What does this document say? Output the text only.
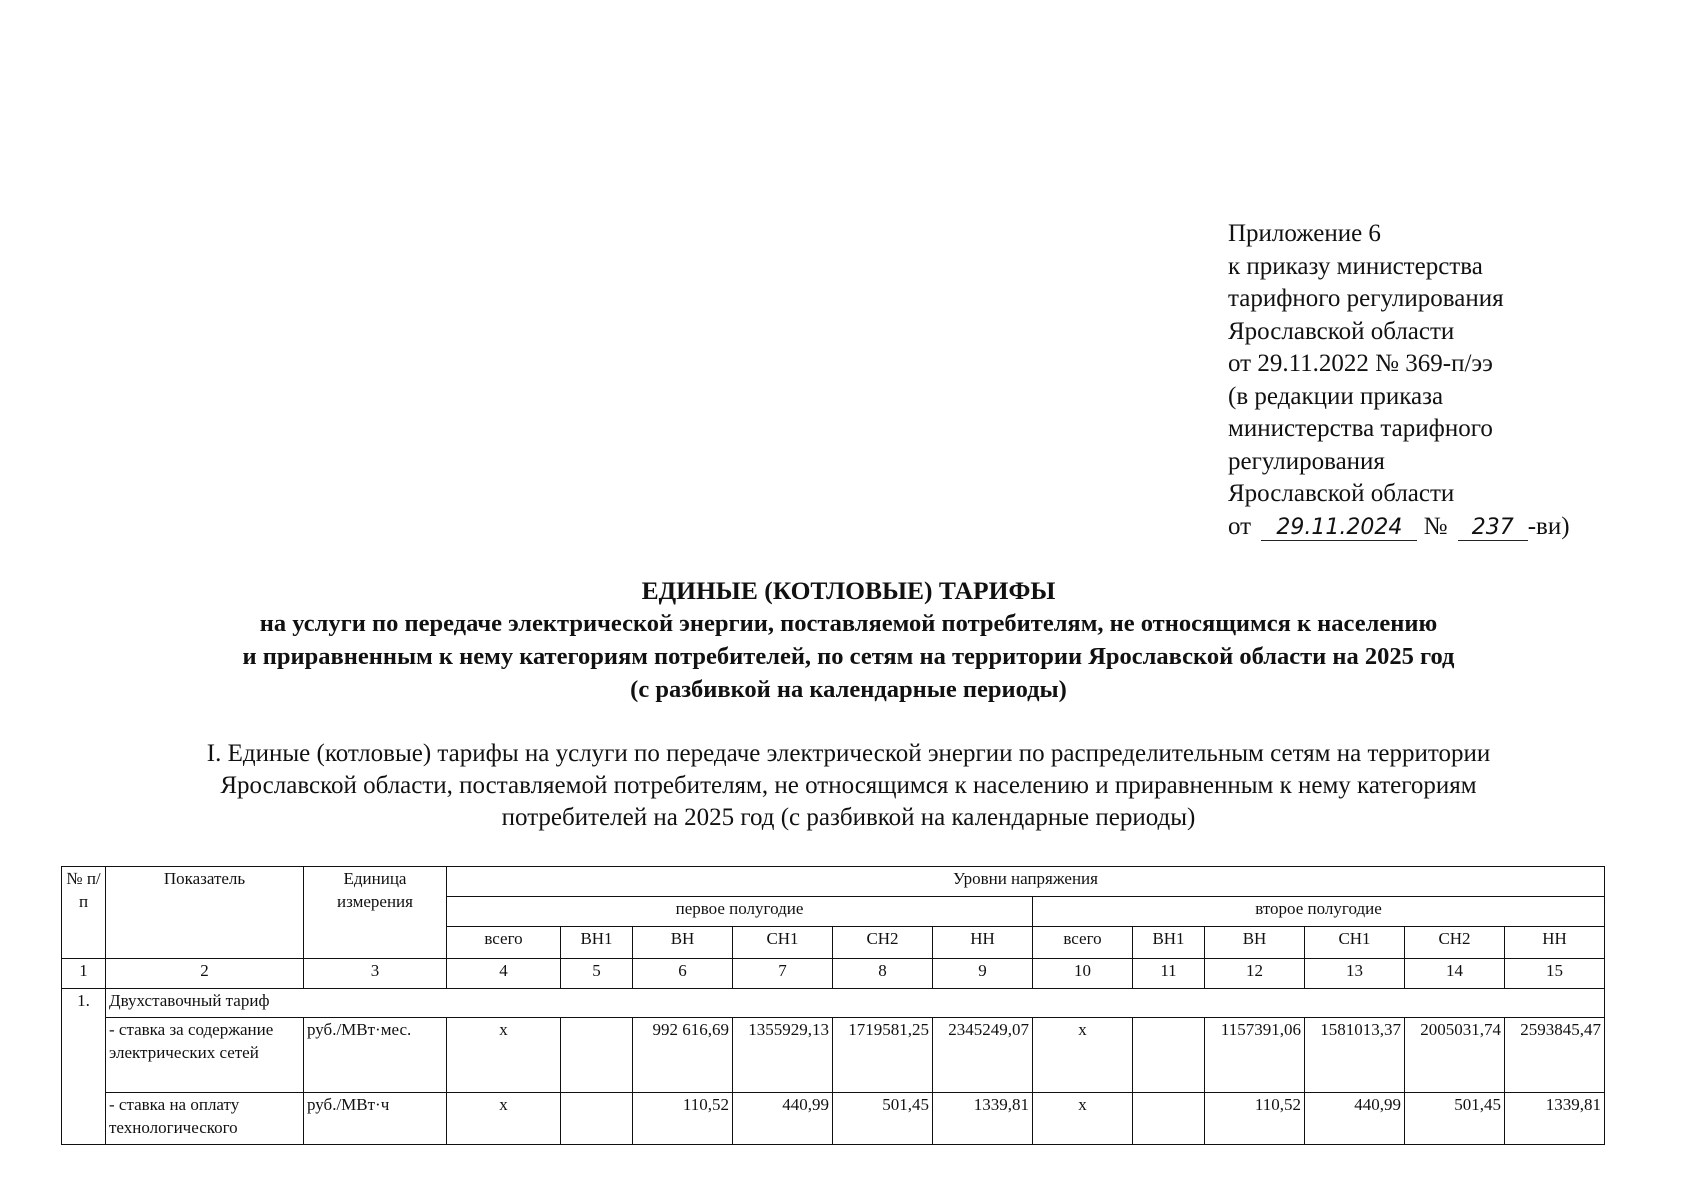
Приложение 6
к приказу министерства
тарифного регулирования
Ярославской области
от 29.11.2022 № 369-п/ээ
(в редакции приказа
министерства тарифного
регулирования
Ярославской области
от 29.11.2024 № 237 -ви)
ЕДИНЫЕ (КОТЛОВЫЕ) ТАРИФЫ
на услуги по передаче электрической энергии, поставляемой потребителям, не относящимся к населению
и приравненным к нему категориям потребителей, по сетям на территории Ярославской области на 2025 год
(с разбивкой на календарные периоды)
I. Единые (котловые) тарифы на услуги по передаче электрической энергии по распределительным сетям на территории
Ярославской области, поставляемой потребителям, не относящимся к населению и приравненным к нему категориям
потребителей на 2025 год (с разбивкой на календарные периоды)
№ п/п	Показатель	Единица измерения	Уровни напряжения											
			первое полугодие						второе полугодие					
			всего	ВН1	ВН	СН1	СН2	НН	всего	ВН1	ВН	СН1	СН2	НН
1	2	3	4	5	6	7	8	9	10	11	12	13	14	15
1.	Двухставочный тариф													
	- ставка за содержание электрических сетей	руб./МВт·мес.	х		992 616,69	1355929,13	1719581,25	2345249,07	х		1157391,06	1581013,37	2005031,74	2593845,47

	- ставка на оплату технологического	руб./МВт·ч	х		110,52	440,99	501,45	1339,81	х		110,52	440,99	501,45	1339,81
